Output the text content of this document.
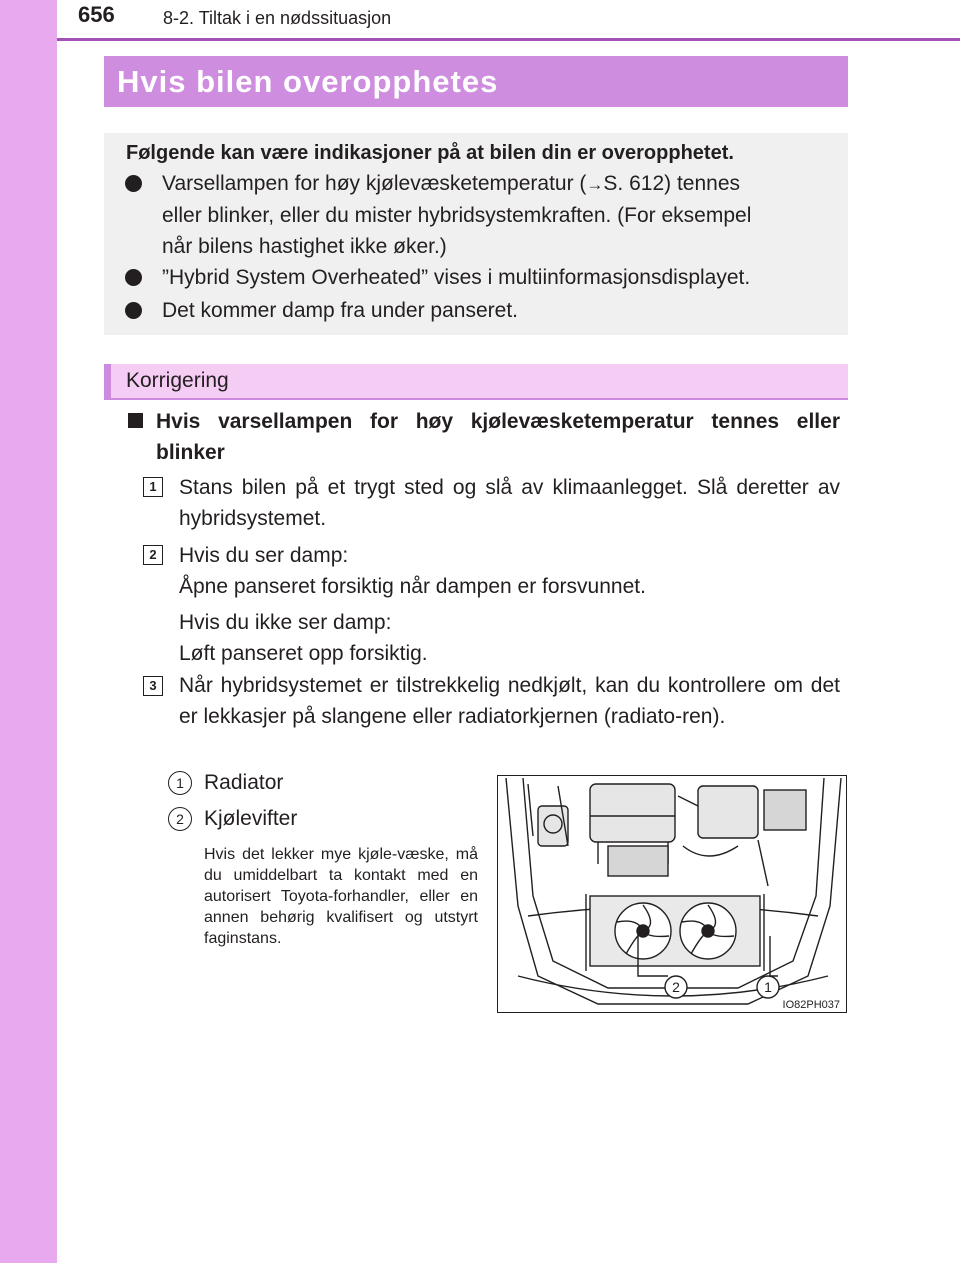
656	8-2. Tiltak i en nødssituasjon
Hvis bilen overopphetes
Følgende kan være indikasjoner på at bilen din er overopphetet.
Varsellampen for høy kjølevæsketemperatur (→S. 612) tennes
eller blinker, eller du mister hybridsystemkraften. (For eksempel
når bilens hastighet ikke øker.)
”Hybrid System Overheated” vises i multiinformasjonsdisplayet.
Det kommer damp fra under panseret.
Korrigering
Hvis varsellampen for høy kjølevæsketemperatur tennes eller blinker
1	Stans bilen på et trygt sted og slå av klimaanlegget. Slå deretter av hybridsystemet.
2	Hvis du ser damp:
Åpne panseret forsiktig når dampen er forsvunnet.
Hvis du ikke ser damp:
Løft panseret opp forsiktig.
3	Når hybridsystemet er tilstrekkelig nedkjølt, kan du kontrollere om det er lekkasjer på slangene eller radiatorkjernen (radiato-ren).
1 Radiator
2 Kjølevifter
Hvis det lekker mye kjøle-væske, må du umiddelbart ta kontakt med en autorisert Toyota-forhandler, eller en annen behørig kvalifisert og utstyrt faginstans.
2	1
IO82PH037
